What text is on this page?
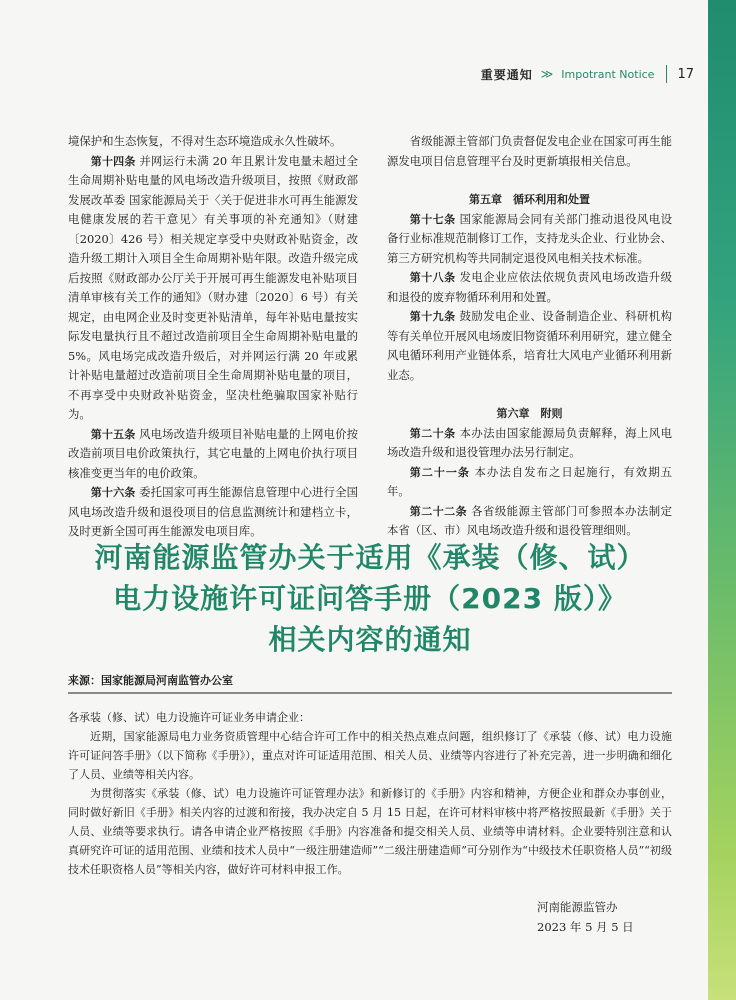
重要通知 ≫ Impotrant Notice 17

境保护和生态恢复，不得对生态环境造成永久性破坏。

第十四条 并网运行未满 20 年且累计发电量未超过全生命周期补贴电量的风电场改造升级项目，按照《财政部 发展改革委 国家能源局关于〈关于促进非水可再生能源发电健康发展的若干意见〉有关事项的补充通知》（财建〔2020〕426 号）相关规定享受中央财政补贴资金，改造升级工期计入项目全生命周期补贴年限。改造升级完成后按照《财政部办公厅关于开展可再生能源发电补贴项目清单审核有关工作的通知》（财办建〔2020〕6 号）有关规定，由电网企业及时变更补贴清单，每年补贴电量按实际发电量执行且不超过改造前项目全生命周期补贴电量的 5%。风电场完成改造升级后，对并网运行满 20 年或累计补贴电量超过改造前项目全生命周期补贴电量的项目，不再享受中央财政补贴资金，坚决杜绝骗取国家补贴行为。

第十五条 风电场改造升级项目补贴电量的上网电价按改造前项目电价政策执行，其它电量的上网电价执行项目核准变更当年的电价政策。

第十六条 委托国家可再生能源信息管理中心进行全国风电场改造升级和退役项目的信息监测统计和建档立卡，及时更新全国可再生能源发电项目库。

省级能源主管部门负责督促发电企业在国家可再生能源发电项目信息管理平台及时更新填报相关信息。

第五章　循环利用和处置

第十七条 国家能源局会同有关部门推动退役风电设备行业标准规范制修订工作，支持龙头企业、行业协会、第三方研究机构等共同制定退役风电相关技术标准。

第十八条 发电企业应依法依规负责风电场改造升级和退役的废弃物循环利用和处置。

第十九条 鼓励发电企业、设备制造企业、科研机构等有关单位开展风电场废旧物资循环利用研究，建立健全风电循环利用产业链体系，培育壮大风电产业循环利用新业态。

第六章　附则

第二十条 本办法由国家能源局负责解释，海上风电场改造升级和退役管理办法另行制定。

第二十一条 本办法自发布之日起施行，有效期五年。

第二十二条 各省级能源主管部门可参照本办法制定本省（区、市）风电场改造升级和退役管理细则。

河南能源监管办关于适用《承装（修、试）
电力设施许可证问答手册（2023 版）》
相关内容的通知
来源：国家能源局河南监管办公室

各承装（修、试）电力设施许可证业务申请企业：

近期，国家能源局电力业务资质管理中心结合许可工作中的相关热点难点问题，组织修订了《承装（修、试）电力设施许可证问答手册》（以下简称《手册》），重点对许可证适用范围、相关人员、业绩等内容进行了补充完善，进一步明确和细化了人员、业绩等相关内容。

为贯彻落实《承装（修、试）电力设施许可证管理办法》和新修订的《手册》内容和精神，方便企业和群众办事创业，同时做好新旧《手册》相关内容的过渡和衔接，我办决定自 5 月 15 日起，在许可材料审核中将严格按照最新《手册》关于人员、业绩等要求执行。请各申请企业严格按照《手册》内容准备和提交相关人员、业绩等申请材料。企业要特别注意和认真研究许可证的适用范围、业绩和技术人员中“一级注册建造师”“二级注册建造师”可分别作为“中级技术任职资格人员”“初级技术任职资格人员”等相关内容，做好许可材料申报工作。

河南能源监管办
2023 年 5 月 5 日
